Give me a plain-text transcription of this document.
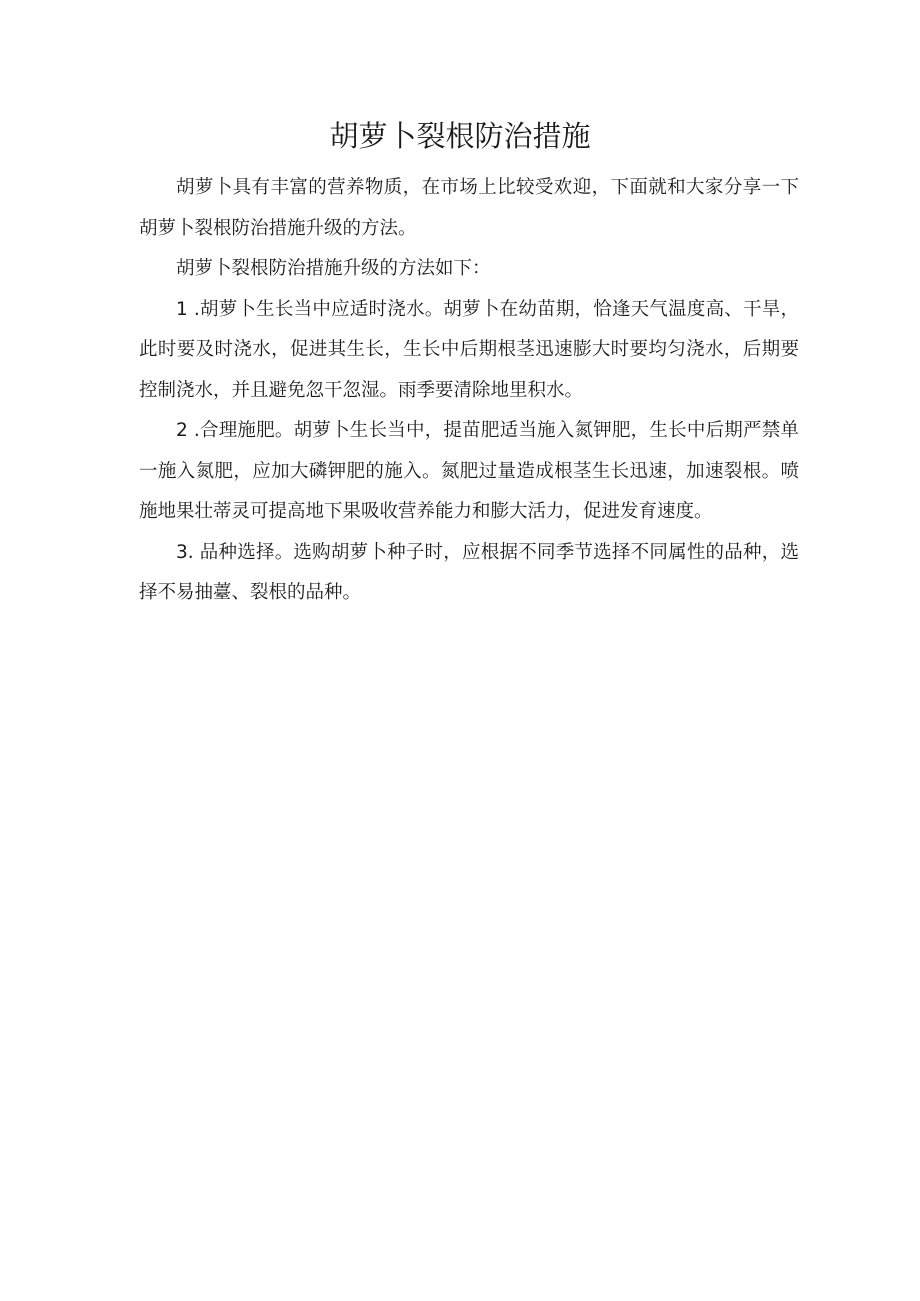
胡萝卜裂根防治措施

胡萝卜具有丰富的营养物质，在市场上比较受欢迎，下面就和大家分享一下胡萝卜裂根防治措施升级的方法。

胡萝卜裂根防治措施升级的方法如下：

1 .胡萝卜生长当中应适时浇水。胡萝卜在幼苗期，恰逢天气温度高、干旱，此时要及时浇水，促进其生长，生长中后期根茎迅速膨大时要均匀浇水，后期要控制浇水，并且避免忽干忽湿。雨季要清除地里积水。

2 .合理施肥。胡萝卜生长当中，提苗肥适当施入氮钾肥，生长中后期严禁单一施入氮肥，应加大磷钾肥的施入。氮肥过量造成根茎生长迅速，加速裂根。喷施地果壮蒂灵可提高地下果吸收营养能力和膨大活力，促进发育速度。

3. 品种选择。选购胡萝卜种子时，应根据不同季节选择不同属性的品种，选择不易抽薹、裂根的品种。
